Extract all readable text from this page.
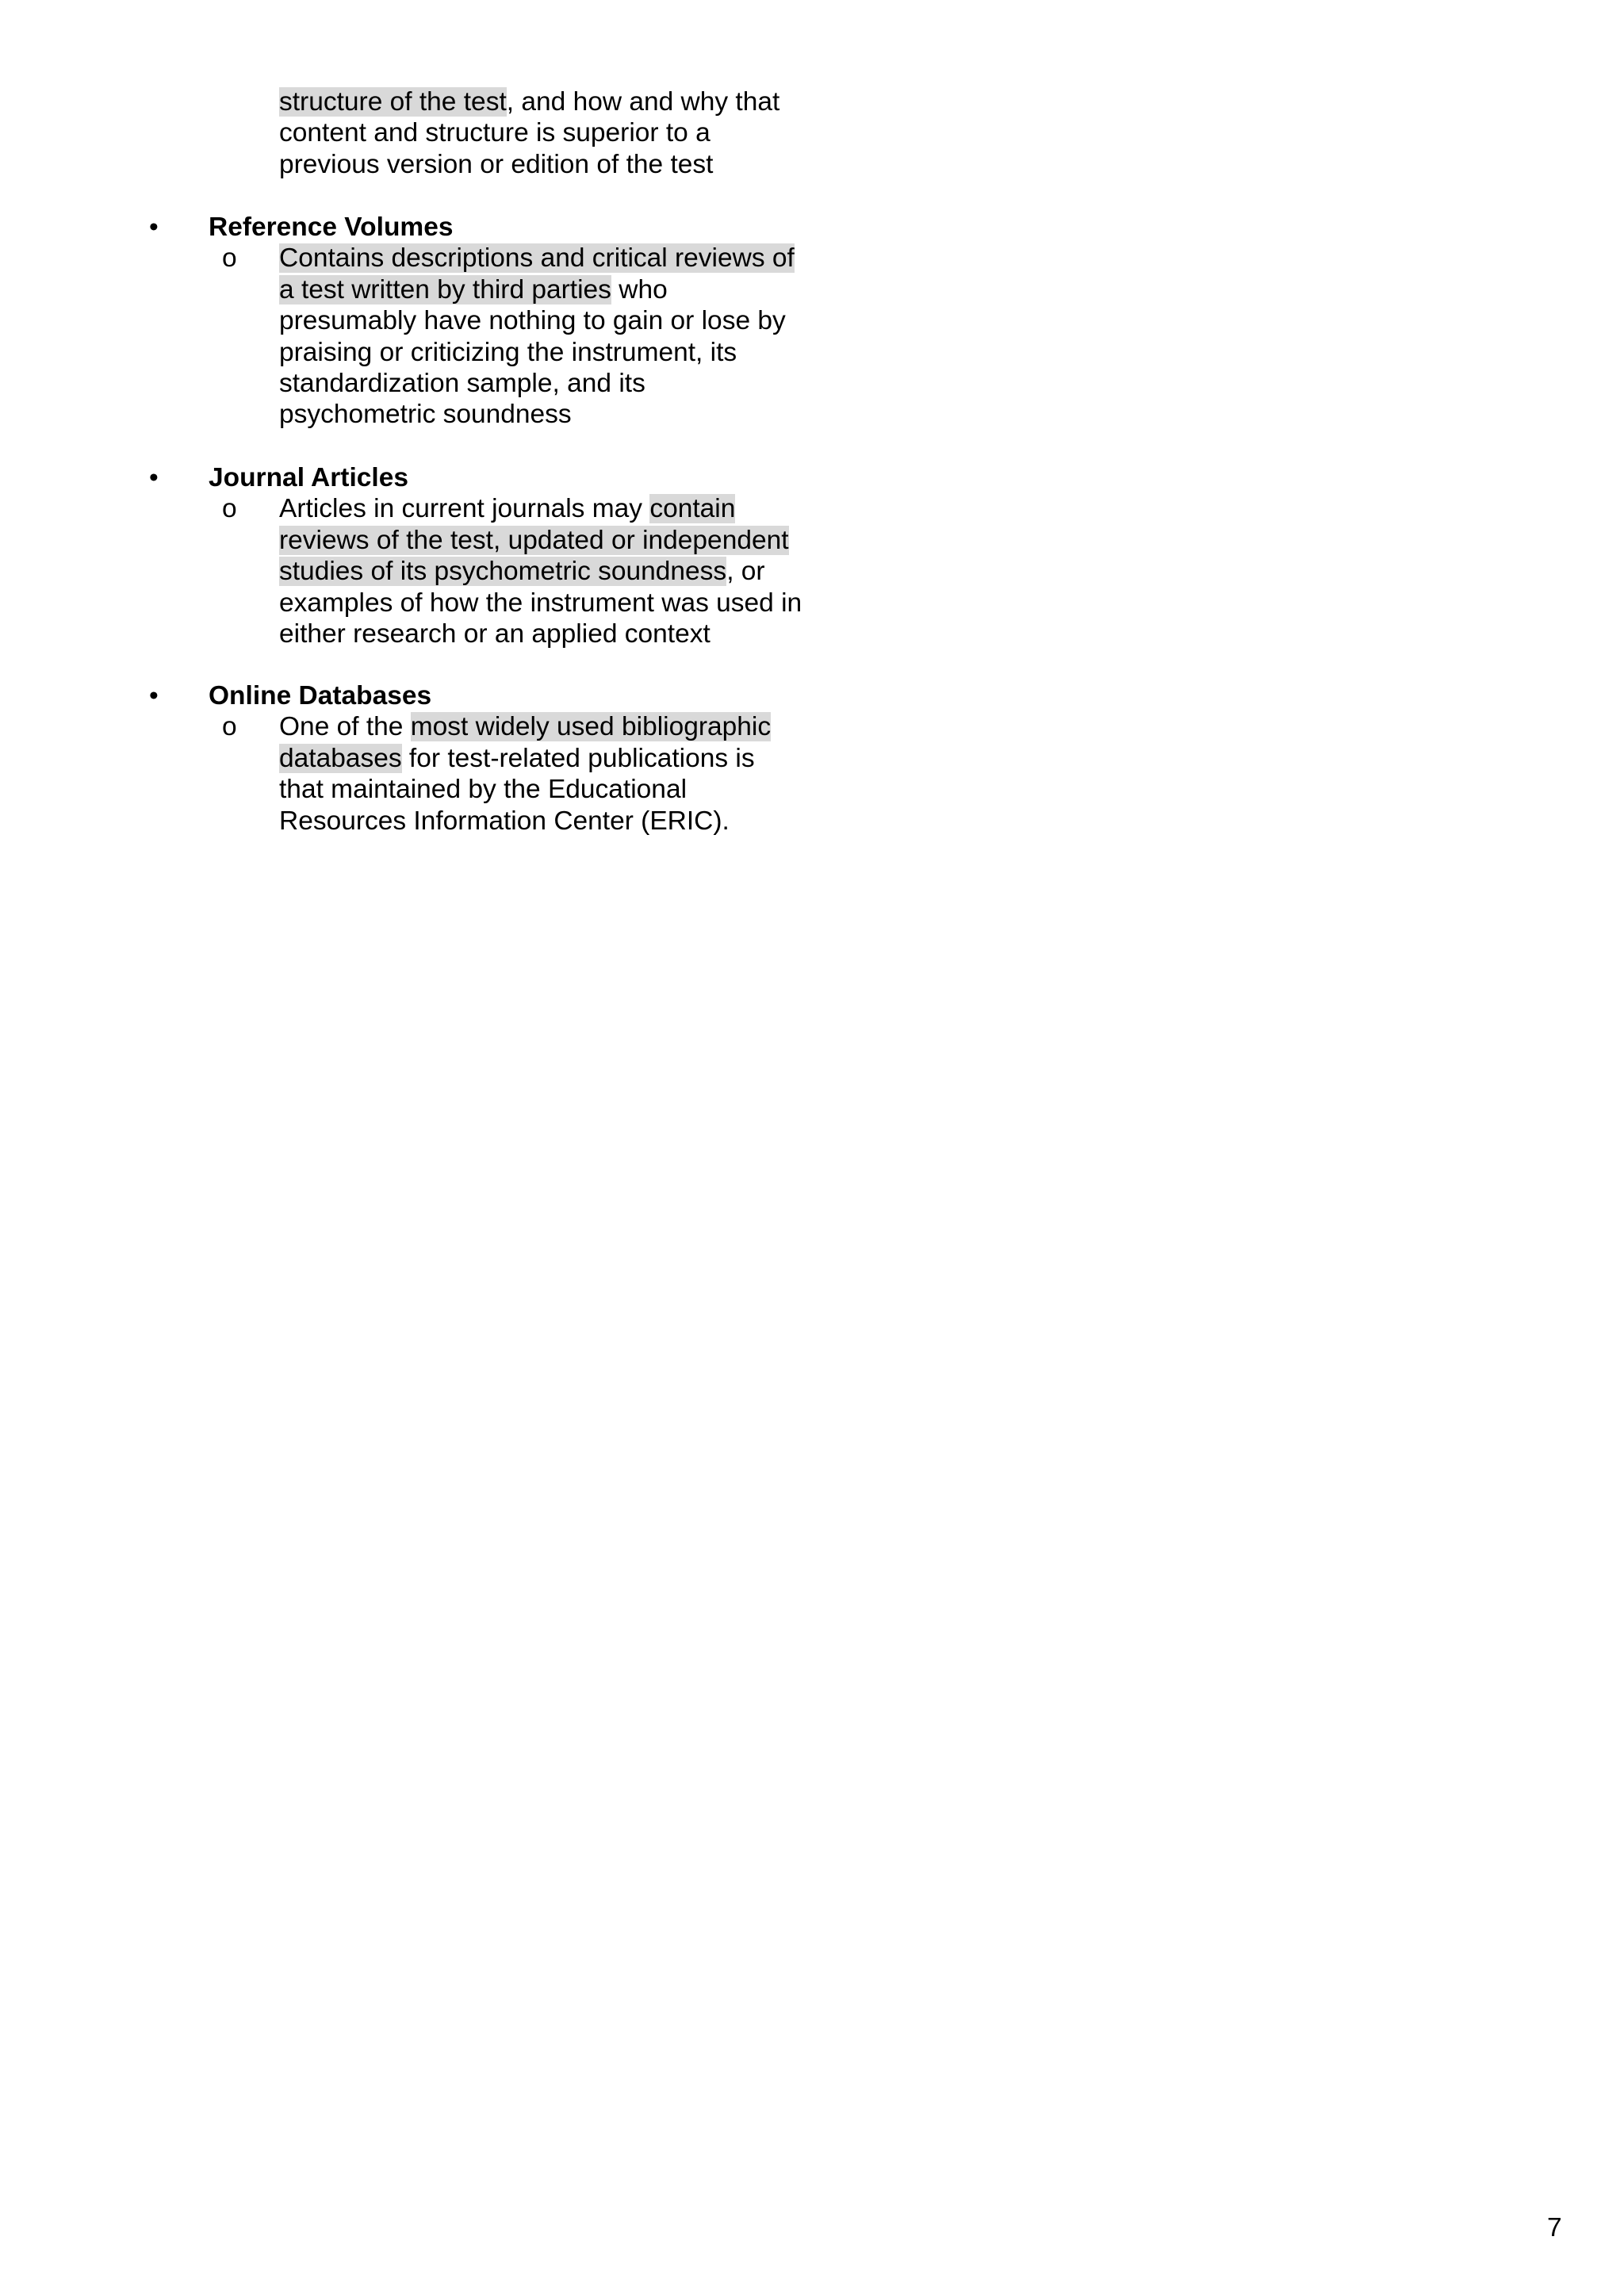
structure of the test, and how and why that
content and structure is superior to a
previous version or edition of the test
•	Reference Volumes
o Contains descriptions and critical reviews of
a test written by third parties who
presumably have nothing to gain or lose by
praising or criticizing the instrument, its
standardization sample, and its
psychometric soundness
•	Journal Articles
o Articles in current journals may contain
reviews of the test, updated or independent
studies of its psychometric soundness, or
examples of how the instrument was used in
either research or an applied context
•	Online Databases
o One of the most widely used bibliographic
databases for test-related publications is
that maintained by the Educational
Resources Information Center (ERIC).
7
